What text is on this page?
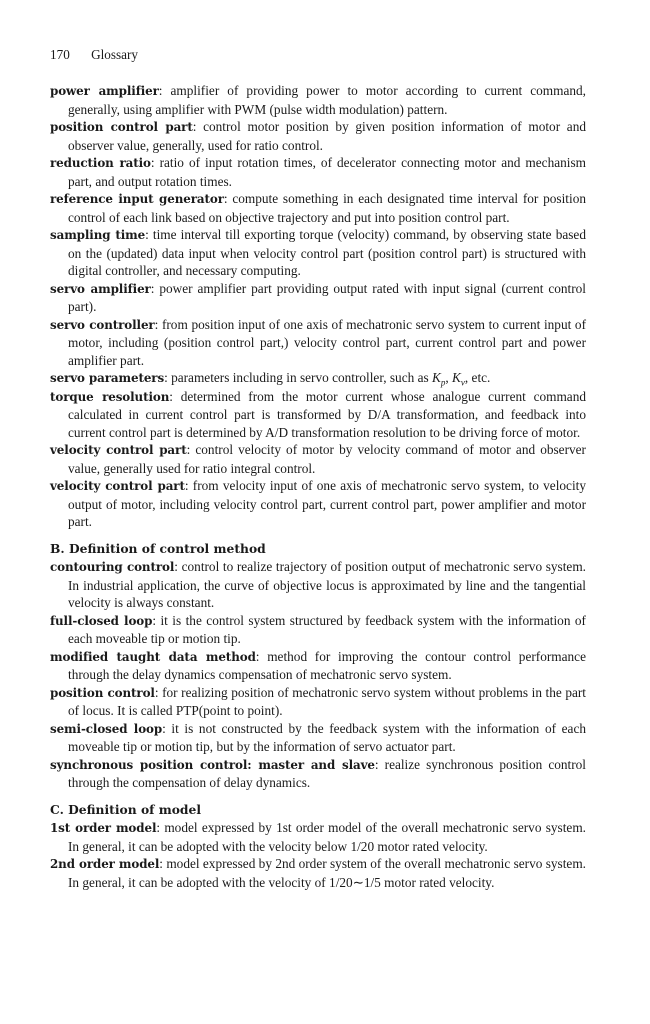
170 Glossary

power amplifier: amplifier of providing power to motor according to current command, generally, using amplifier with PWM (pulse width modulation) pattern.

position control part: control motor position by given position information of motor and observer value, generally, used for ratio control.

reduction ratio: ratio of input rotation times, of decelerator connecting motor and mechanism part, and output rotation times.

reference input generator: compute something in each designated time interval for position control of each link based on objective trajectory and put into position control part.

sampling time: time interval till exporting torque (velocity) command, by observing state based on the (updated) data input when velocity control part (position control part) is structured with digital controller, and necessary computing.

servo amplifier: power amplifier part providing output rated with input signal (current control part).

servo controller: from position input of one axis of mechatronic servo system to current input of motor, including (position control part,) velocity control part, current control part and power amplifier part.

servo parameters: parameters including in servo controller, such as $K_p$, $K_v$, etc.

torque resolution: determined from the motor current whose analogue current command calculated in current control part is transformed by D/A transformation, and feedback into current control part is determined by A/D transformation resolution to be driving force of motor.

velocity control part: control velocity of motor by velocity command of motor and observer value, generally used for ratio integral control.

velocity control part: from velocity input of one axis of mechatronic servo system, to velocity output of motor, including velocity control part, current control part, power amplifier and motor part.

B. Definition of control method

contouring control: control to realize trajectory of position output of mechatronic servo system. In industrial application, the curve of objective locus is approximated by line and the tangential velocity is always constant.

full-closed loop: it is the control system structured by feedback system with the information of each moveable tip or motion tip.

modified taught data method: method for improving the contour control performance through the delay dynamics compensation of mechatronic servo system.

position control: for realizing position of mechatronic servo system without problems in the part of locus. It is called PTP(point to point).

semi-closed loop: it is not constructed by the feedback system with the information of each moveable tip or motion tip, but by the information of servo actuator part.

synchronous position control: master and slave: realize synchronous position control through the compensation of delay dynamics.

C. Definition of model

1st order model: model expressed by 1st order model of the overall mechatronic servo system. In general, it can be adopted with the velocity below 1/20 motor rated velocity.

2nd order model: model expressed by 2nd order system of the overall mechatronic servo system. In general, it can be adopted with the velocity of 1/20∼1/5 motor rated velocity.
